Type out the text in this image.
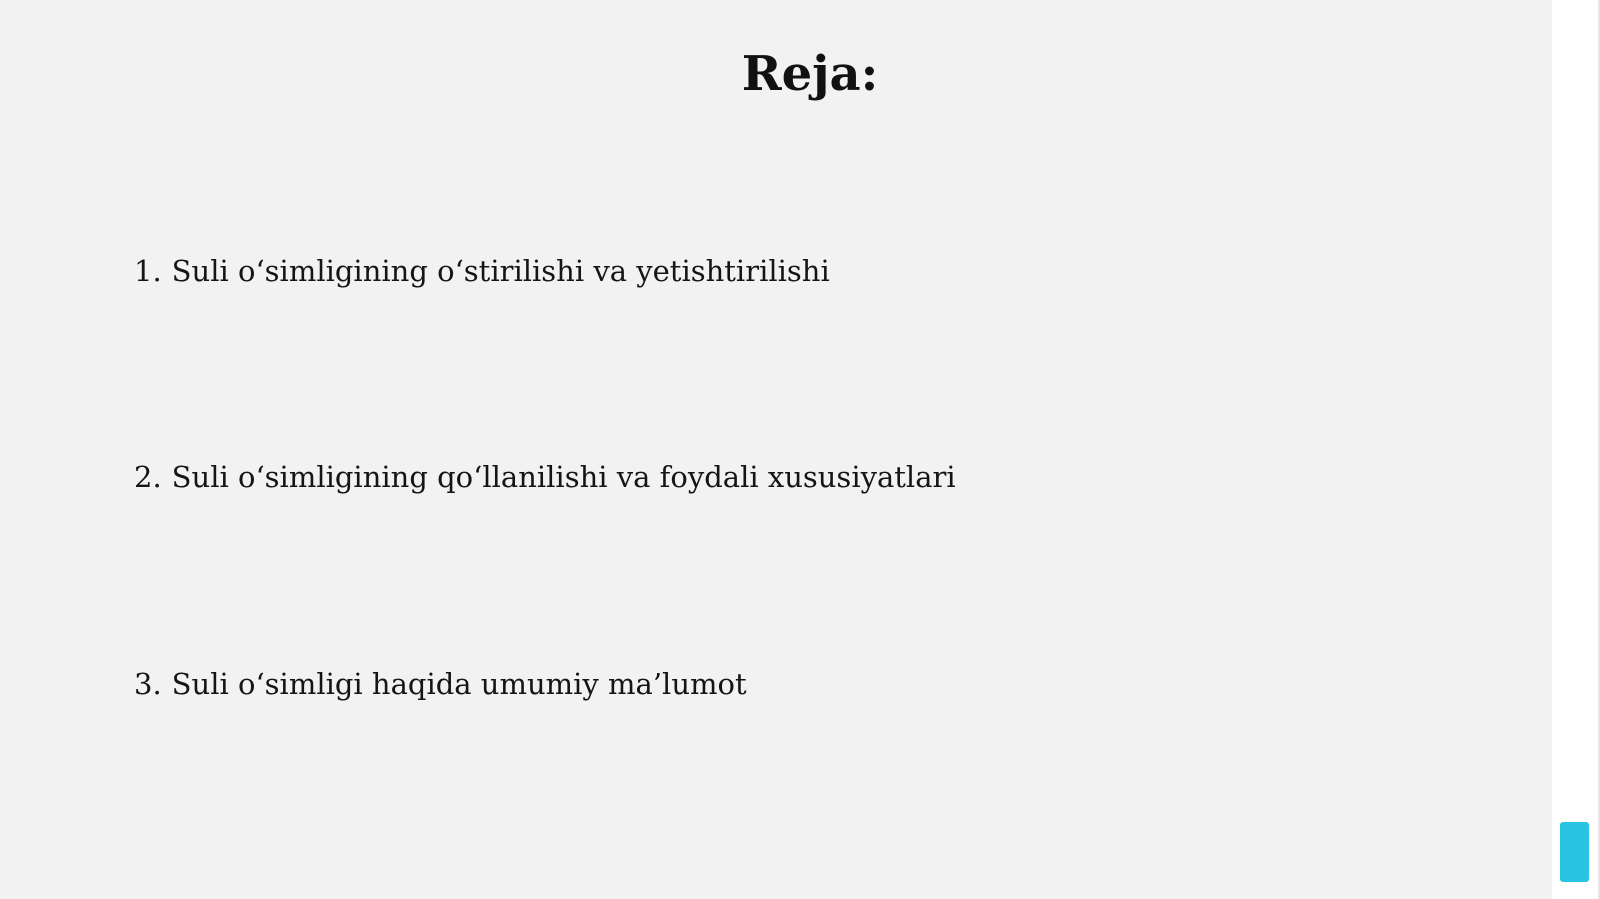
Reja:
1. Suli o‘simligining o‘stirilishi va yetishtirilishi
2. Suli o‘simligining qo‘llanilishi va foydali xususiyatlari
3. Suli o‘simligi haqida umumiy ma’lumot
